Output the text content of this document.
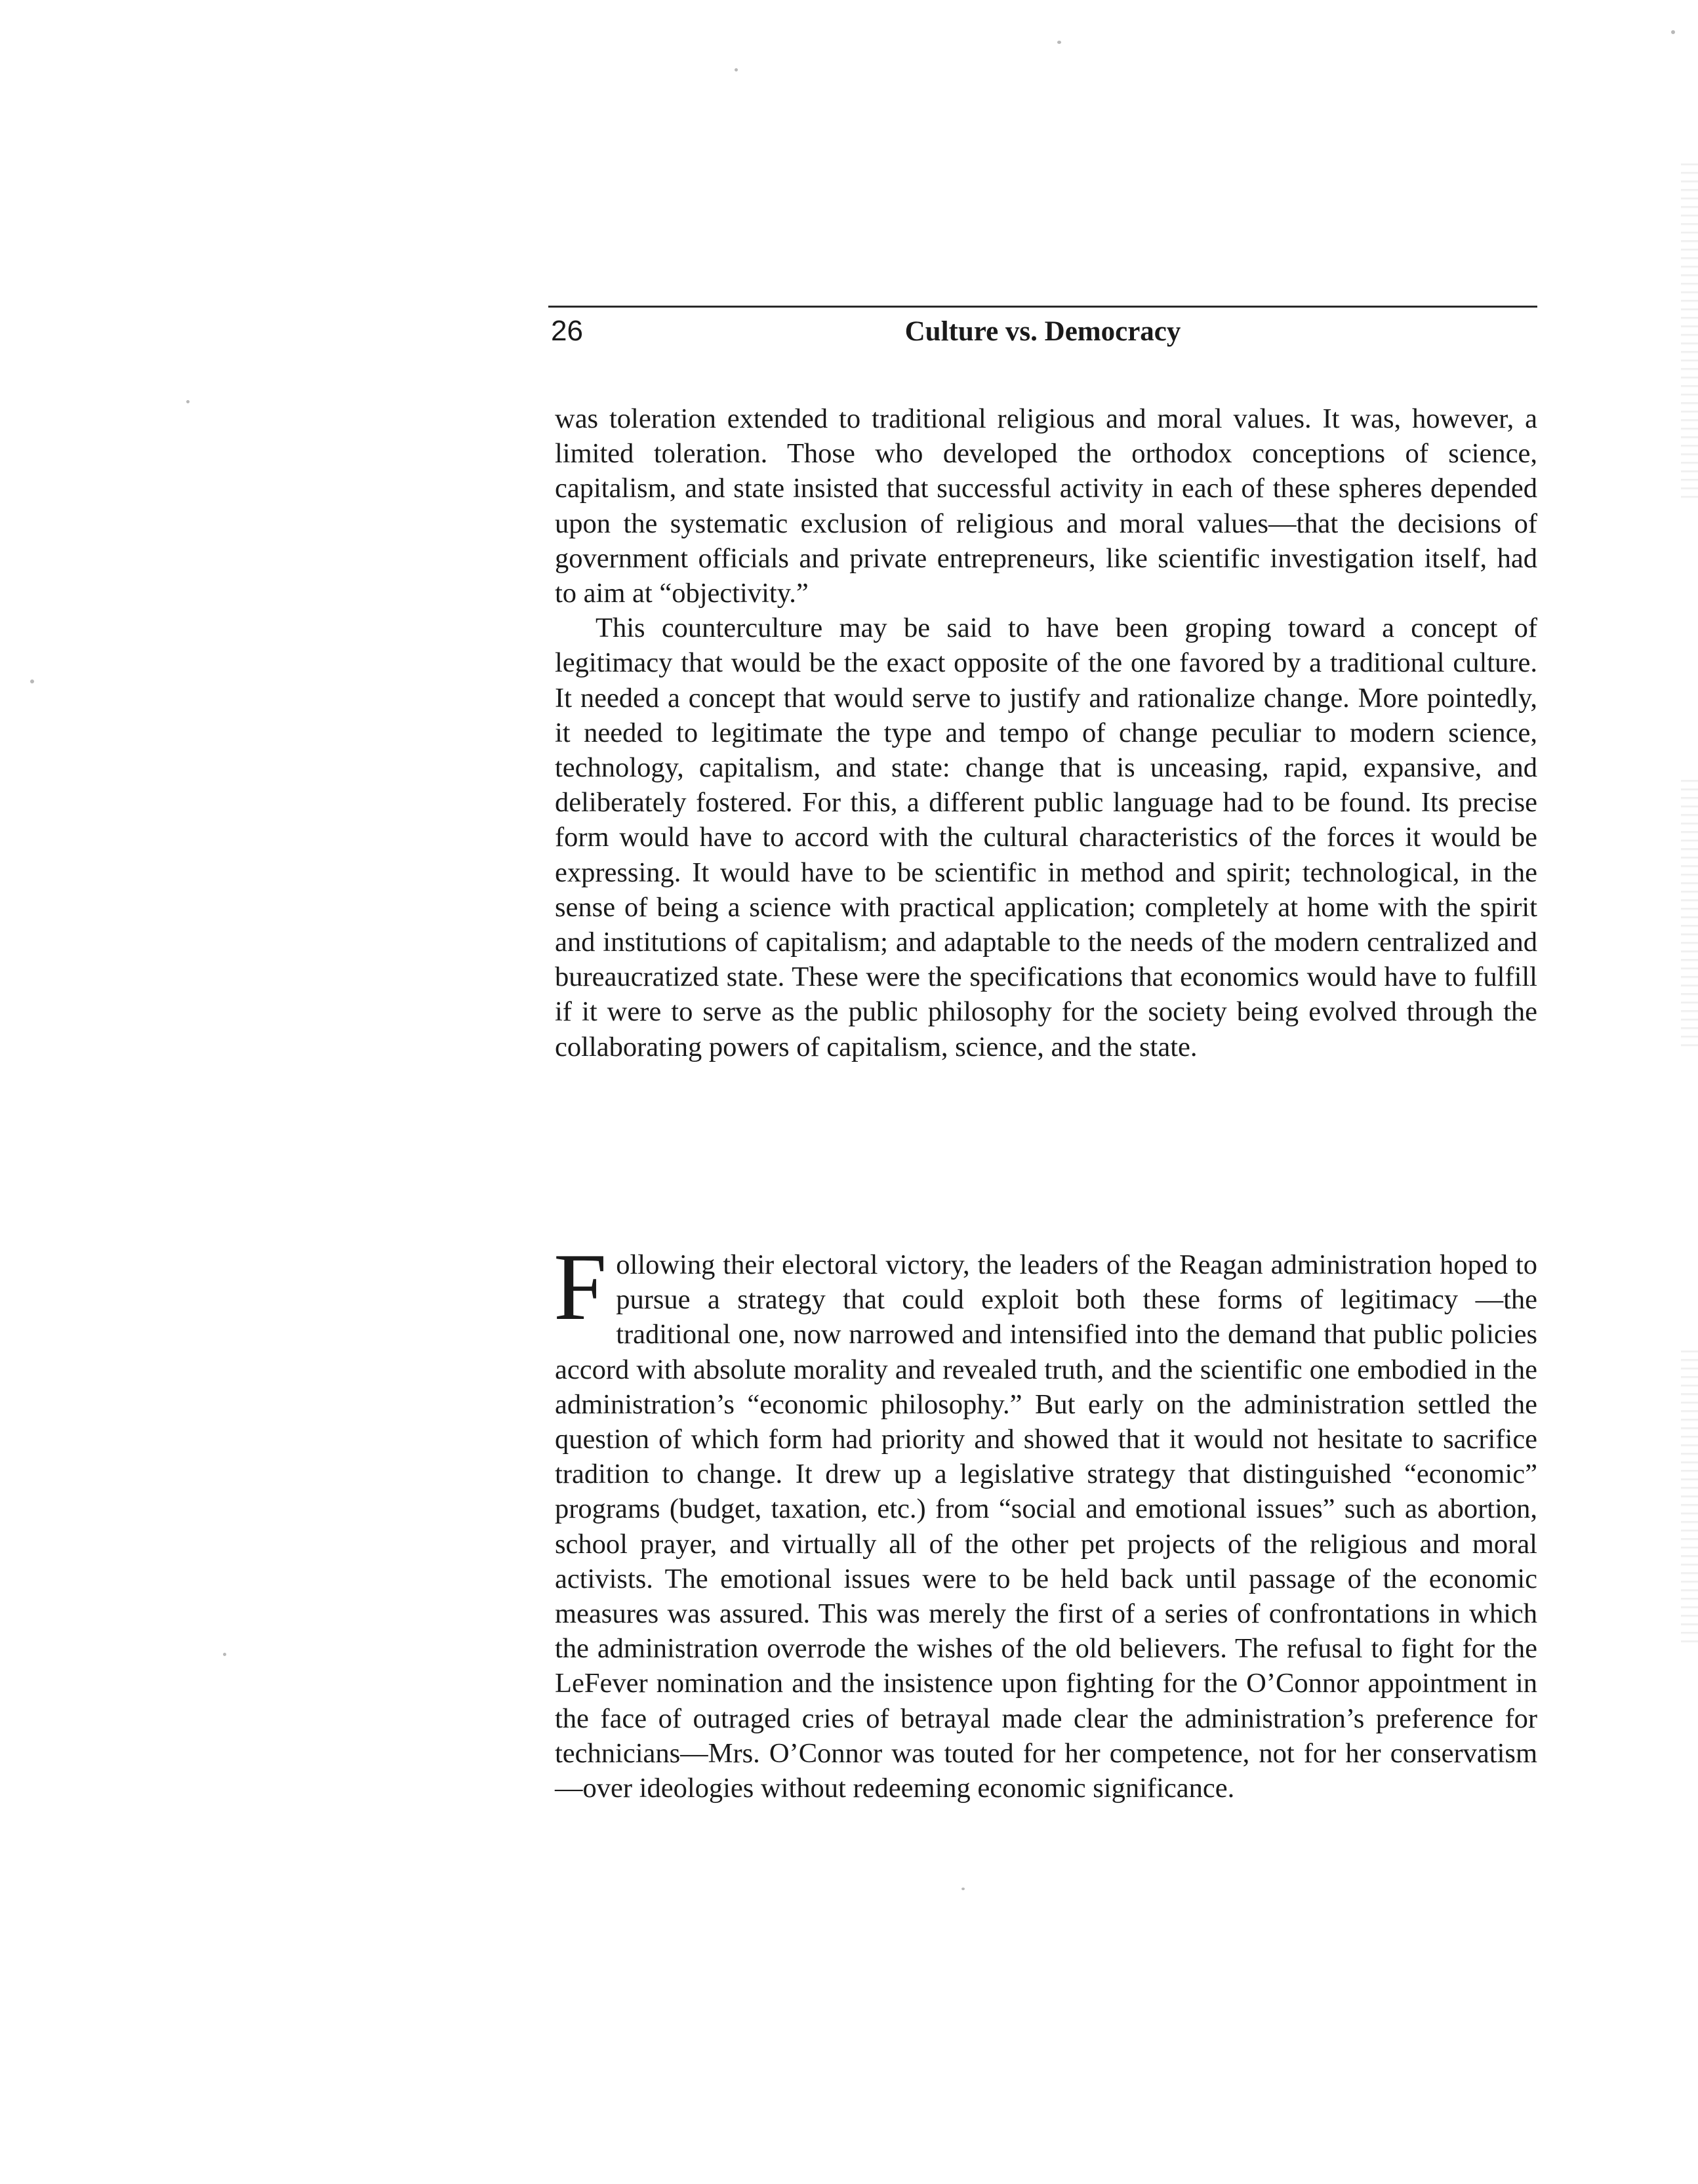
26	Culture vs. Democracy

was toleration extended to traditional religious and moral values. It was, however, a limited toleration. Those who developed the orthodox conceptions of science, capitalism, and state insisted that successful activity in each of these spheres depended upon the systematic exclusion of religious and moral values—that the decisions of government officials and private entrepreneurs, like scientific investigation itself, had to aim at “objectivity.”

This counterculture may be said to have been groping toward a concept of legitimacy that would be the exact opposite of the one favored by a traditional culture. It needed a concept that would serve to justify and rationalize change. More pointedly, it needed to legitimate the type and tempo of change peculiar to modern science, technology, capitalism, and state: change that is unceasing, rapid, expansive, and deliberately fostered. For this, a different public language had to be found. Its precise form would have to accord with the cultural characteristics of the forces it would be expressing. It would have to be scientific in method and spirit; technological, in the sense of being a science with practical application; completely at home with the spirit and institutions of capitalism; and adaptable to the needs of the modern centralized and bureaucratized state. These were the specifications that economics would have to fulfill if it were to serve as the public philosophy for the society being evolved through the collaborating powers of capitalism, science, and the state.

F ollowing their electoral victory, the leaders of the Reagan administration hoped to pursue a strategy that could exploit both these forms of legitimacy —the traditional one, now narrowed and intensified into the demand that public policies accord with absolute morality and revealed truth, and the scientific one embodied in the administration’s “economic philosophy.” But early on the administration settled the question of which form had priority and showed that it would not hesitate to sacrifice tradition to change. It drew up a legislative strategy that distinguished “economic” programs (budget, taxation, etc.) from “social and emotional issues” such as abortion, school prayer, and virtually all of the other pet projects of the religious and moral activists. The emotional issues were to be held back until passage of the economic measures was assured. This was merely the first of a series of confrontations in which the administration overrode the wishes of the old believers. The refusal to fight for the LeFever nomination and the insistence upon fighting for the O’Connor appointment in the face of outraged cries of betrayal made clear the administration’s preference for technicians—Mrs. O’Connor was touted for her competence, not for her conservatism—over ideologies without redeeming economic significance.
